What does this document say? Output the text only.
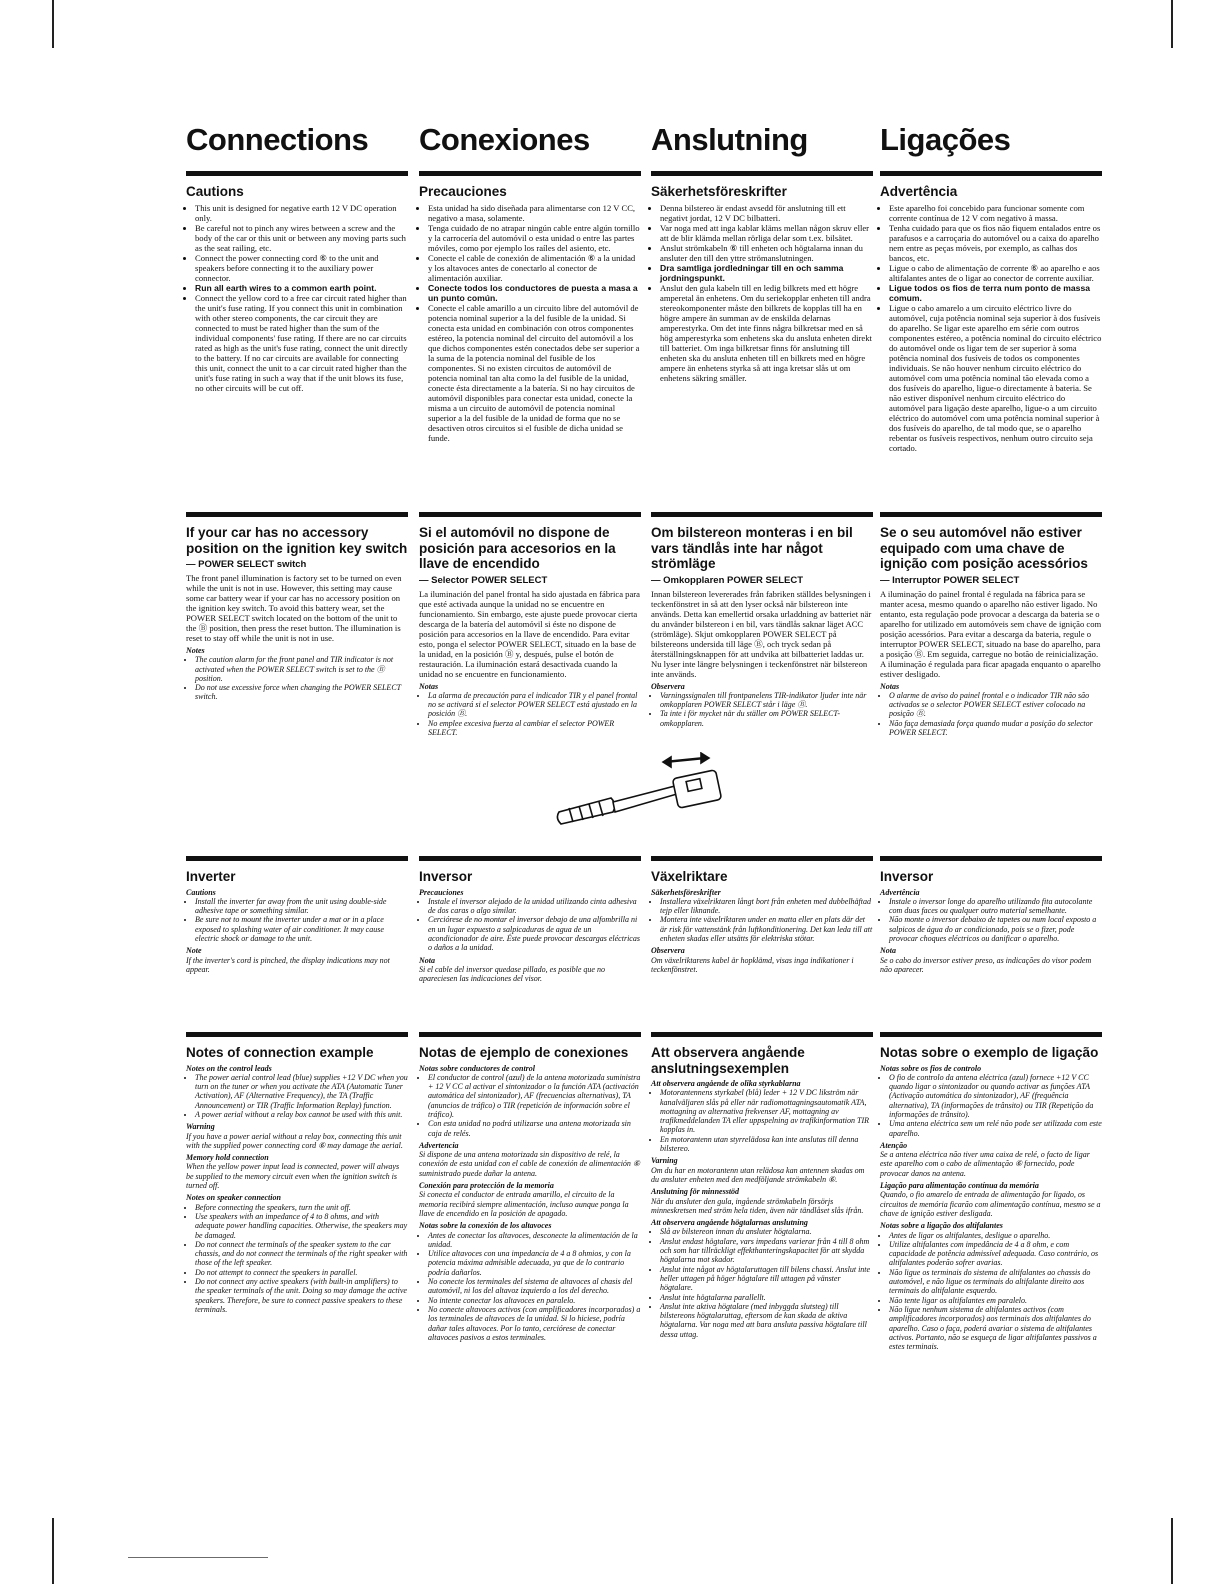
Connections Conexiones Anslutning Ligações
Cautions
• This unit is designed for negative earth 12 V DC operation only.
• Be careful not to pinch any wires between a screw and the body of the car or this unit or between any moving parts such as the seat railing, etc.
• Connect the power connecting cord ⑥ to the unit and speakers before connecting it to the auxiliary power connector.
• Run all earth wires to a common earth point.
• Connect the yellow cord to a free car circuit rated higher than the unit's fuse rating. If you connect this unit in combination with other stereo components, the car circuit they are connected to must be rated higher than the sum of the individual components' fuse rating. If there are no car circuits rated as high as the unit's fuse rating, connect the unit directly to the battery. If no car circuits are available for connecting this unit, connect the unit to a car circuit rated higher than the unit's fuse rating in such a way that if the unit blows its fuse, no other circuits will be cut off.
Precauciones
• Esta unidad ha sido diseñada para alimentarse con 12 V CC, negativo a masa, solamente.
• Tenga cuidado de no atrapar ningún cable entre algún tornillo y la carrocería del automóvil o esta unidad o entre las partes móviles, como por ejemplo los raíles del asiento, etc.
• Conecte el cable de conexión de alimentación ⑥ a la unidad y los altavoces antes de conectarlo al conector de alimentación auxiliar.
• Conecte todos los conductores de puesta a masa a un punto común.
• Conecte el cable amarillo a un circuito libre del automóvil de potencia nominal superior a la del fusible de la unidad. Si conecta esta unidad en combinación con otros componentes estéreo, la potencia nominal del circuito del automóvil a los que dichos componentes estén conectados debe ser superior a la suma de la potencia nominal del fusible de los componentes. Si no existen circuitos de automóvil de potencia nominal tan alta como la del fusible de la unidad, conecte ésta directamente a la batería. Si no hay circuitos de automóvil disponibles para conectar esta unidad, conecte la misma a un circuito de automóvil de potencia nominal superior a la del fusible de la unidad de forma que no se desactiven otros circuitos si el fusible de dicha unidad se funde.
Säkerhetsföreskrifter
• Denna bilstereo är endast avsedd för anslutning till ett negativt jordat, 12 V DC bilbatteri.
• Var noga med att inga kablar kläms mellan någon skruv eller att de blir klämda mellan rörliga delar som t.ex. bilsätet.
• Anslut strömkabeln ⑥ till enheten och högtalarna innan du ansluter den till den yttre strömanslutningen.
• Dra samtliga jordledningar till en och samma jordningspunkt.
• Anslut den gula kabeln till en ledig bilkrets med ett högre amperetal än enhetens. Om du seriekopplar enheten till andra stereokomponenter måste den bilkrets de kopplas till ha en högre ampere än summan av de enskilda delarnas amperestyrka. Om det inte finns några bilkretsar med en så hög amperestyrka som enhetens ska du ansluta enheten direkt till batteriet. Om inga bilkretsar finns för anslutning till enheten ska du ansluta enheten till en bilkrets med en högre ampere än enhetens styrka så att inga kretsar slås ut om enhetens säkring smäller.
Advertência
• Este aparelho foi concebido para funcionar somente com corrente contínua de 12 V com negativo à massa.
• Tenha cuidado para que os fios não fiquem entalados entre os parafusos e a carroçaria do automóvel ou a caixa do aparelho nem entre as peças móveis, por exemplo, as calhas dos bancos, etc.
• Ligue o cabo de alimentação de corrente ⑥ ao aparelho e aos altifalantes antes de o ligar ao conector de corrente auxiliar.
• Ligue todos os fios de terra num ponto de massa comum.
• Ligue o cabo amarelo a um circuito eléctrico livre do automóvel, cuja potência nominal seja superior à dos fusíveis do aparelho. Se ligar este aparelho em série com outros componentes estéreo, a potência nominal do circuito eléctrico do automóvel onde os ligar tem de ser superior à soma potência nominal dos fusíveis de todos os componentes individuais. Se não houver nenhum circuito eléctrico do automóvel com uma potência nominal tão elevada como a dos fusíveis do aparelho, ligue-o directamente à bateria. Se não estiver disponível nenhum circuito eléctrico do automóvel para ligação deste aparelho, ligue-o a um circuito eléctrico do automóvel com uma potência nominal superior à dos fusíveis do aparelho, de tal modo que, se o aparelho rebentar os fusíveis respectivos, nenhum outro circuito seja cortado.
If your car has no accessory position on the ignition key switch
— POWER SELECT switch

The front panel illumination is factory set to be turned on even while the unit is not in use. However, this setting may cause some car battery wear if your car has no accessory position on the ignition key switch. To avoid this battery wear, set the POWER SELECT switch located on the bottom of the unit to the Ⓑ position, then press the reset button. The illumination is reset to stay off while the unit is not in use.

Notes

• The caution alarm for the front panel and TIR indicator is not activated when the POWER SELECT switch is set to the Ⓑ position.
• Do not use excessive force when changing the POWER SELECT switch.
Si el automóvil no dispone de posición para accesorios en la llave de encendido
— Selector POWER SELECT

La iluminación del panel frontal ha sido ajustada en fábrica para que esté activada aunque la unidad no se encuentre en funcionamiento. Sin embargo, este ajuste puede provocar cierta descarga de la batería del automóvil si éste no dispone de posición para accesorios en la llave de encendido. Para evitar esto, ponga el selector POWER SELECT, situado en la base de la unidad, en la posición Ⓑ y, después, pulse el botón de restauración. La iluminación estará desactivada cuando la unidad no se encuentre en funcionamiento.

Notas

• La alarma de precaución para el indicador TIR y el panel frontal no se activará si el selector POWER SELECT está ajustado en la posición Ⓑ.
• No emplee excesiva fuerza al cambiar el selector POWER SELECT.
Om bilstereon monteras i en bil vars tändlås inte har något strömläge
— Omkopplaren POWER SELECT

Innan bilstereon levererades från fabriken ställdes belysningen i teckenfönstret in så att den lyser också när bilstereon inte används. Detta kan emellertid orsaka urladdning av batteriet när du använder bilstereon i en bil, vars tändlås saknar läget ACC (strömläge). Skjut omkopplaren POWER SELECT på bilstereons undersida till läge Ⓑ, och tryck sedan på återställningsknappen för att undvika att bilbatteriet laddas ur. Nu lyser inte längre belysningen i teckenfönstret när bilstereon inte används.

Observera

• Varningssignalen till frontpanelens TIR-indikator ljuder inte när omkopplaren POWER SELECT står i läge Ⓑ.
• Ta inte i för mycket när du ställer om POWER SELECT-omkopplaren.
Se o seu automóvel não estiver equipado com uma chave de ignição com posição acessórios
— Interruptor POWER SELECT

A iluminação do painel frontal é regulada na fábrica para se manter acesa, mesmo quando o aparelho não estiver ligado. No entanto, esta regulação pode provocar a descarga da bateria se o aparelho for utilizado em automóveis sem chave de ignição com posição acessórios. Para evitar a descarga da bateria, regule o interruptor POWER SELECT, situado na base do aparelho, para a posição Ⓑ. Em seguida, carregue no botão de reinicialização. A iluminação é regulada para ficar apagada enquanto o aparelho estiver desligado.

Notas

• O alarme de aviso do painel frontal e o indicador TIR não são activados se o selector POWER SELECT estiver colocado na posição Ⓑ.
• Não faça demasiada força quando mudar a posição do selector POWER SELECT.
Inverter

Cautions

• Install the inverter far away from the unit using double-side adhesive tape or something similar.
• Be sure not to mount the inverter under a mat or in a place exposed to splashing water of air conditioner. It may cause electric shock or damage to the unit.

Note

If the inverter's cord is pinched, the display indications may not appear.

Inversor

Precauciones

• Instale el inversor alejado de la unidad utilizando cinta adhesiva de dos caras o algo similar.
• Cerciórese de no montar el inversor debajo de una alfombrilla ni en un lugar expuesto a salpicaduras de agua de un acondicionador de aire. Éste puede provocar descargas eléctricas o daños a la unidad.

Nota

Si el cable del inversor quedase pillado, es posible que no apareciesen las indicaciones del visor.

Växelriktare

Säkerhetsföreskrifter

• Installera växelriktaren långt bort från enheten med dubbelhäftad tejp eller liknande.
• Montera inte växelriktaren under en matta eller en plats där det är risk för vattenstänk från luftkonditionering. Det kan leda till att enheten skadas eller utsätts för elektriska stötar.

Observera

Om växelriktarens kabel är hopklämd, visas inga indikationer i teckenfönstret.

Inversor

Advertência

• Instale o inversor longe do aparelho utilizando fita autocolante com duas faces ou qualquer outro material semelhante.
• Não monte o inversor debaixo de tapetes ou num local exposto a salpicos de água do ar condicionado, pois se o fizer, pode provocar choques eléctricos ou danificar o aparelho.

Nota

Se o cabo do inversor estiver preso, as indicações do visor podem não aparecer.

Notes of connection example

Notes on the control leads

• The power aerial control lead (blue) supplies +12 V DC when you turn on the tuner or when you activate the ATA (Automatic Tuner Activation), AF (Alternative Frequency), the TA (Traffic Announcement) or TIR (Traffic Information Replay) function.
• A power aerial without a relay box cannot be used with this unit.

Warning

If you have a power aerial without a relay box, connecting this unit with the supplied power connecting cord ⑥ may damage the aerial.

Memory hold connection

When the yellow power input lead is connected, power will always be supplied to the memory circuit even when the ignition switch is turned off.

Notes on speaker connection

• Before connecting the speakers, turn the unit off.
• Use speakers with an impedance of 4 to 8 ohms, and with adequate power handling capacities. Otherwise, the speakers may be damaged.
• Do not connect the terminals of the speaker system to the car chassis, and do not connect the terminals of the right speaker with those of the left speaker.
• Do not attempt to connect the speakers in parallel.
• Do not connect any active speakers (with built-in amplifiers) to the speaker terminals of the unit. Doing so may damage the active speakers. Therefore, be sure to connect passive speakers to these terminals.
Notas de ejemplo de conexiones

Notas sobre conductores de control

• El conductor de control (azul) de la antena motorizada suministra + 12 V CC al activar el sintonizador o la función ATA (activación automática del sintonizador), AF (frecuencias alternativas), TA (anuncios de tráfico) o TIR (repetición de información sobre el tráfico).
• Con esta unidad no podrá utilizarse una antena motorizada sin caja de relés.

Advertencia

Si dispone de una antena motorizada sin dispositivo de relé, la conexión de esta unidad con el cable de conexión de alimentación ⑥ suministrado puede dañar la antena.

Conexión para protección de la memoria

Si conecta el conductor de entrada amarillo, el circuito de la memoria recibirá siempre alimentación, incluso aunque ponga la llave de encendido en la posición de apagado.

Notas sobre la conexión de los altavoces

• Antes de conectar los altavoces, desconecte la alimentación de la unidad.
• Utilice altavoces con una impedancia de 4 a 8 ohmios, y con la potencia máxima admisible adecuada, ya que de lo contrario podría dañarlos.
• No conecte los terminales del sistema de altavoces al chasis del automóvil, ni los del altavoz izquierdo a los del derecho.
• No intente conectar los altavoces en paralelo.
• No conecte altavoces activos (con amplificadores incorporados) a los terminales de altavoces de la unidad. Si lo hiciese, podría dañar tales altavoces. Por lo tanto, cerciórese de conectar altavoces pasivos a estos terminales.
Att observera angående anslutningsexemplen

Att observera angående de olika styrkablarna

• Motorantennens styrkabel (blå) leder + 12 V DC likström när kanalväljaren slås på eller när radiomottagningsautomatik ATA, mottagning av alternativa frekvenser AF, mottagning av trafikmeddelanden TA eller uppspelning av trafikinformation TIR kopplas in.
• En motorantenn utan styrrelädosa kan inte anslutas till denna bilstereo.

Varning

Om du har en motorantenn utan relädosa kan antennen skadas om du ansluter enheten med den medföljande strömkabeln ⑥.

Anslutning för minnesstöd

När du ansluter den gula, ingående strömkabeln försörjs minneskretsen med ström hela tiden, även när tändlåset slås ifrån.

Att observera angående högtalarnas anslutning

• Slå av bilstereon innan du ansluter högtalarna.
• Anslut endast högtalare, vars impedans varierar från 4 till 8 ohm och som har tillräckligt effekthanteringskapacitet för att skydda högtalarna mot skador.
• Anslut inte något av högtalaruttagen till bilens chassi. Anslut inte heller uttagen på höger högtalare till uttagen på vänster högtalare.
• Anslut inte högtalarna parallellt.
• Anslut inte aktiva högtalare (med inbyggda slutsteg) till bilstereons högtalaruttag, eftersom de kan skada de aktiva högtalarna. Var noga med att bara ansluta passiva högtalare till dessa uttag.
Notas sobre o exemplo de ligação

Notas sobre os fios de controlo

• O fio de controlo da antena eléctrica (azul) fornece +12 V CC quando ligar o sintonizador ou quando activar as funções ATA (Activação automática do sintonizador), AF (frequência alternativa), TA (informações de trânsito) ou TIR (Repetição da informações de trânsito).
• Uma antena eléctrica sem um relé não pode ser utilizada com este aparelho.

Atenção

Se a antena eléctrica não tiver uma caixa de relé, o facto de ligar este aparelho com o cabo de alimentação ⑥ fornecido, pode provocar danos na antena.

Ligação para alimentação contínua da memória

Quando, o fio amarelo de entrada de alimentação for ligado, os circuitos de memória ficarão com alimentação contínua, mesmo se a chave de ignição estiver desligada.

Notas sobre a ligação dos altifalantes

• Antes de ligar os altifalantes, desligue o aparelho.
• Utilize altifalantes com impedância de 4 a 8 ohm, e com capacidade de potência admissível adequada. Caso contrário, os altifalantes poderão sofrer avarias.
• Não ligue os terminais do sistema de altifalantes ao chassis do automóvel, e não ligue os terminais do altifalante direito aos terminais do altifalante esquerdo.
• Não tente ligar os altifalantes em paralelo.
• Não ligue nenhum sistema de altifalantes activos (com amplificadores incorporados) aos terminais dos altifalantes do aparelho. Caso o faça, poderá avariar o sistema de altifalantes activos. Portanto, não se esqueça de ligar altifalantes passivos a estes terminais.
